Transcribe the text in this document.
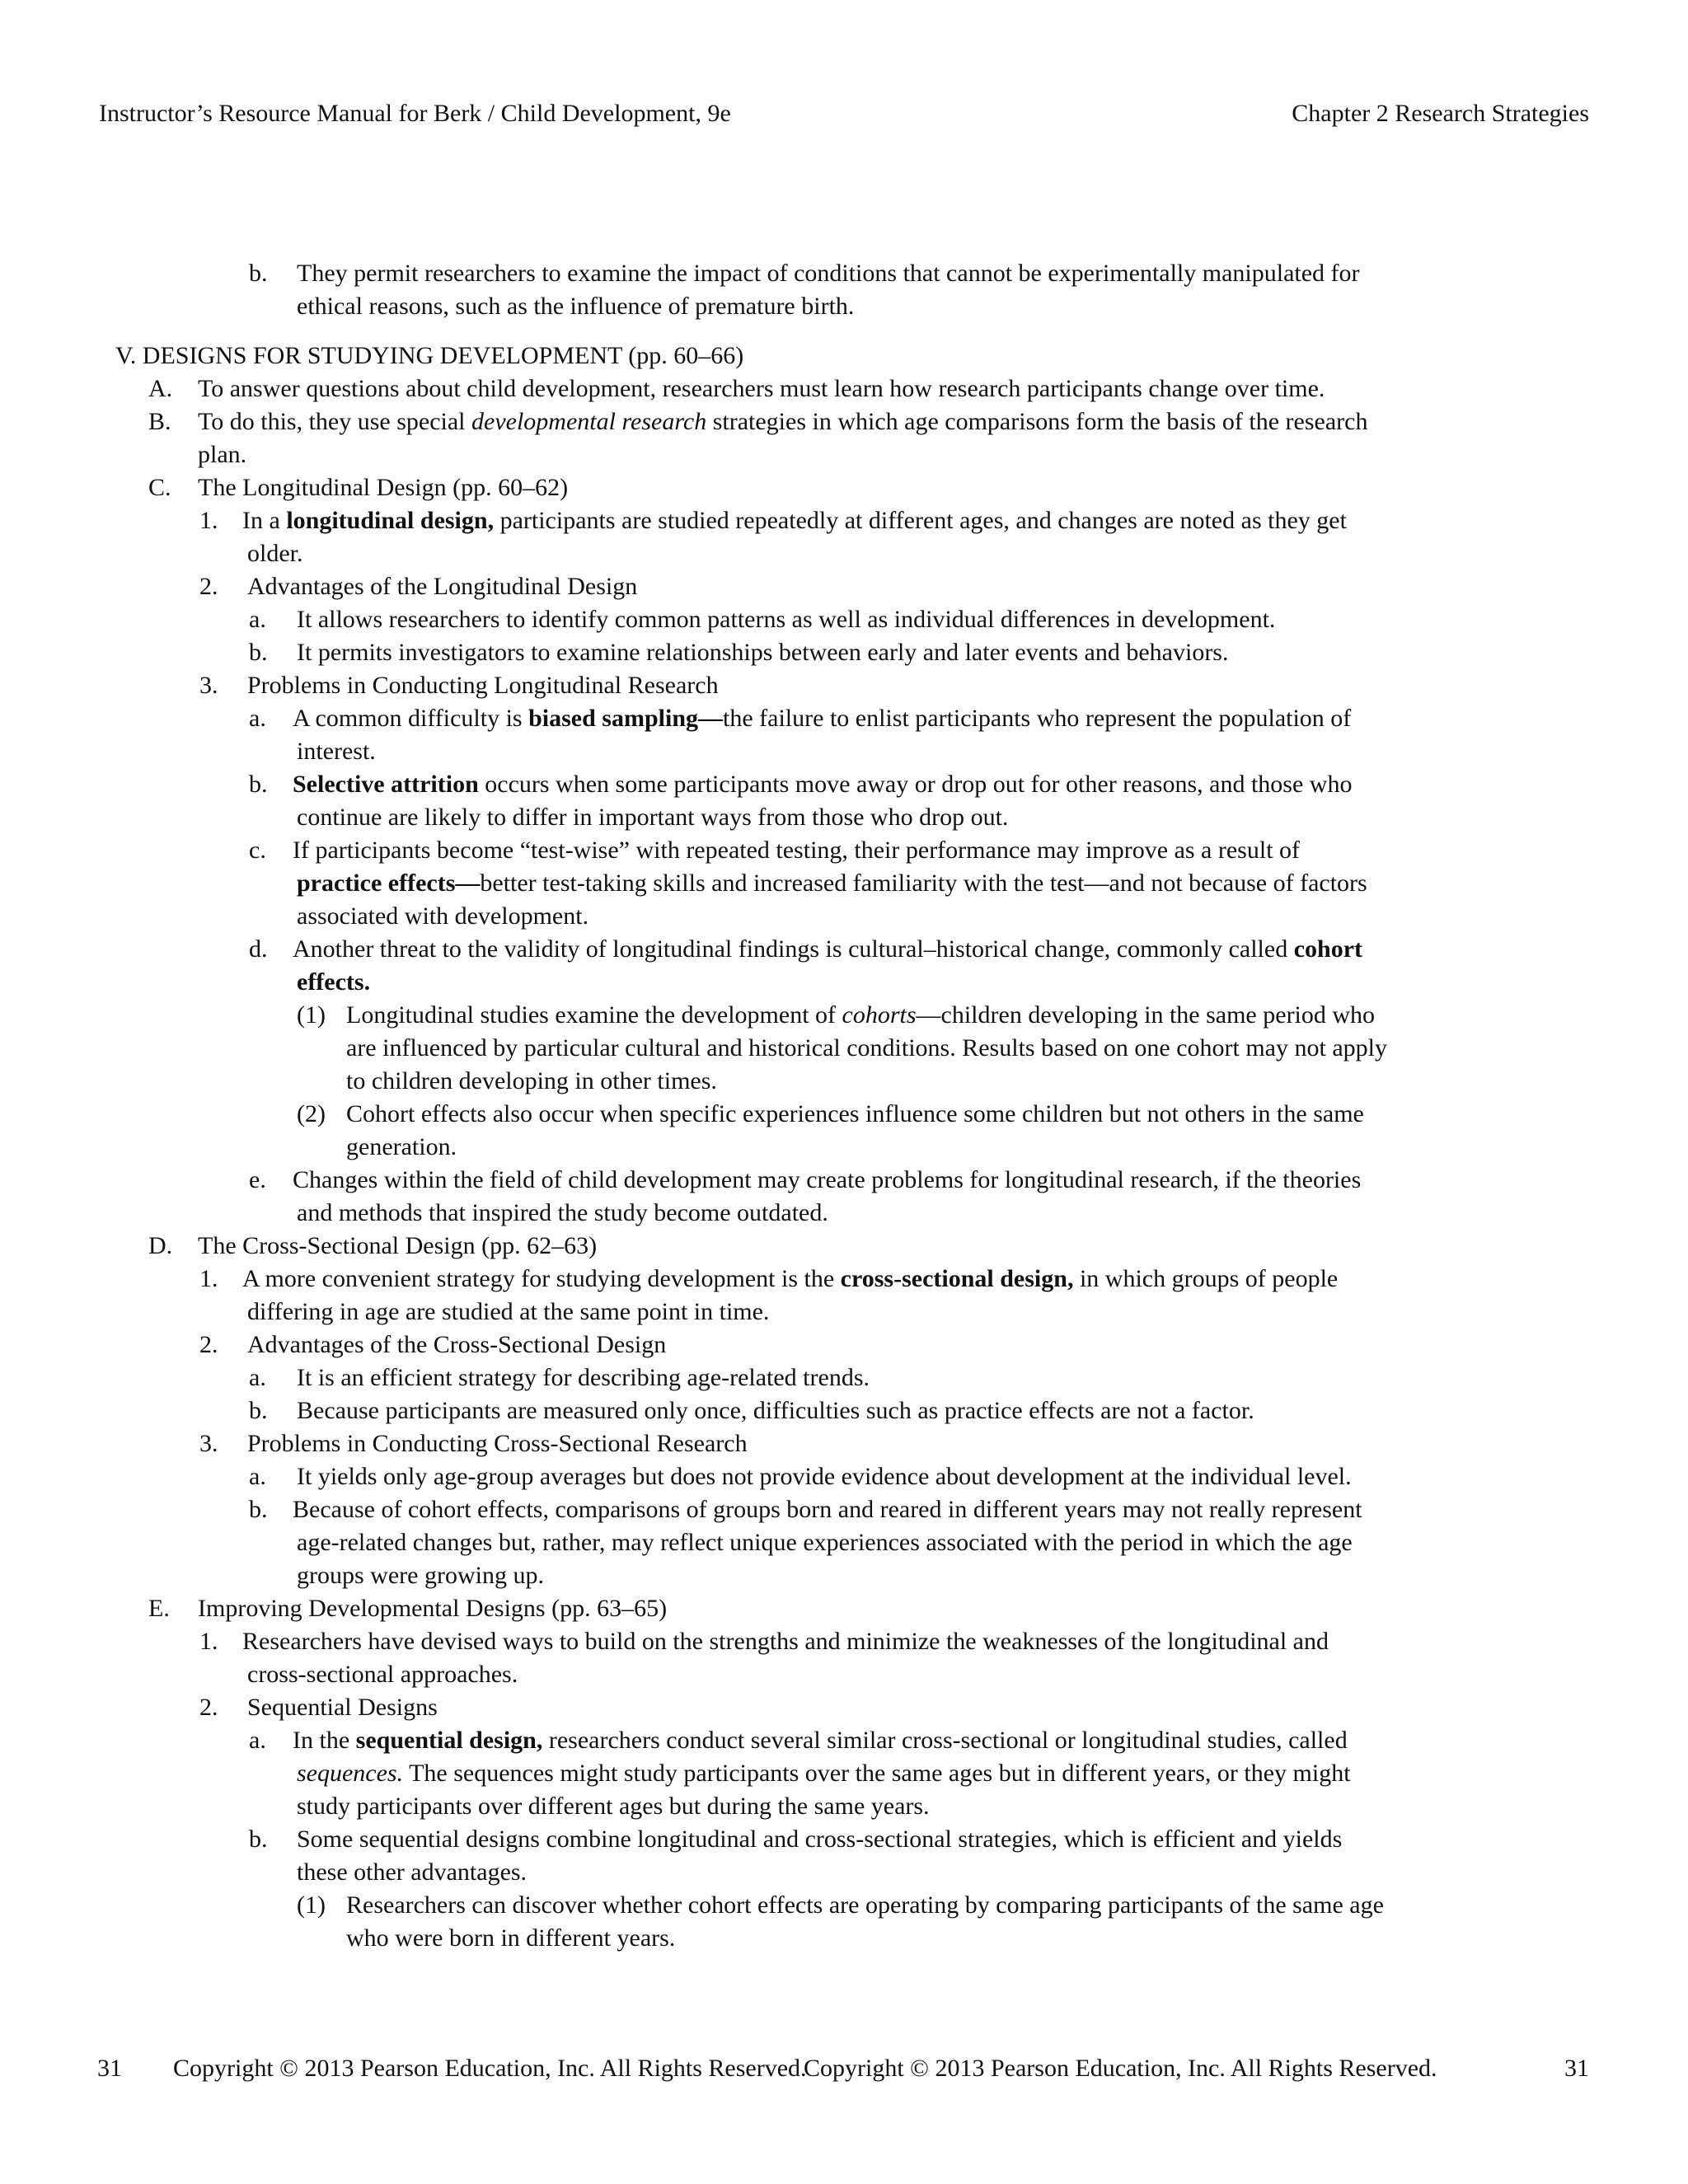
Instructor’s Resource Manual for Berk / Child Development, 9e	Chapter 2 Research Strategies
b. They permit researchers to examine the impact of conditions that cannot be experimentally manipulated for
ethical reasons, such as the influence of premature birth.
V. DESIGNS FOR STUDYING DEVELOPMENT (pp. 60–66)
A. To answer questions about child development, researchers must learn how research participants change over time.
B. To do this, they use special developmental research strategies in which age comparisons form the basis of the research
plan.
C. The Longitudinal Design (pp. 60–62)
1. In a longitudinal design, participants are studied repeatedly at different ages, and changes are noted as they get
older.
2. Advantages of the Longitudinal Design
a. It allows researchers to identify common patterns as well as individual differences in development.
b. It permits investigators to examine relationships between early and later events and behaviors.
3. Problems in Conducting Longitudinal Research
a. A common difficulty is biased sampling—the failure to enlist participants who represent the population of
interest.
b. Selective attrition occurs when some participants move away or drop out for other reasons, and those who
continue are likely to differ in important ways from those who drop out.
c. If participants become “test-wise” with repeated testing, their performance may improve as a result of
practice effects—better test-taking skills and increased familiarity with the test—and not because of factors
associated with development.
d. Another threat to the validity of longitudinal findings is cultural–historical change, commonly called cohort
effects.
(1) Longitudinal studies examine the development of cohorts—children developing in the same period who
are influenced by particular cultural and historical conditions. Results based on one cohort may not apply
to children developing in other times.
(2) Cohort effects also occur when specific experiences influence some children but not others in the same
generation.
e. Changes within the field of child development may create problems for longitudinal research, if the theories
and methods that inspired the study become outdated.
D. The Cross-Sectional Design (pp. 62–63)
1. A more convenient strategy for studying development is the cross-sectional design, in which groups of people
differing in age are studied at the same point in time.
2. Advantages of the Cross-Sectional Design
a. It is an efficient strategy for describing age-related trends.
b. Because participants are measured only once, difficulties such as practice effects are not a factor.
3. Problems in Conducting Cross-Sectional Research
a. It yields only age-group averages but does not provide evidence about development at the individual level.
b. Because of cohort effects, comparisons of groups born and reared in different years may not really represent
age-related changes but, rather, may reflect unique experiences associated with the period in which the age
groups were growing up.
E. Improving Developmental Designs (pp. 63–65)
1. Researchers have devised ways to build on the strengths and minimize the weaknesses of the longitudinal and
cross-sectional approaches.
2. Sequential Designs
a. In the sequential design, researchers conduct several similar cross-sectional or longitudinal studies, called
sequences. The sequences might study participants over the same ages but in different years, or they might
study participants over different ages but during the same years.
b. Some sequential designs combine longitudinal and cross-sectional strategies, which is efficient and yields
these other advantages.
(1) Researchers can discover whether cohort effects are operating by comparing participants of the same age
who were born in different years.
31 Copyright © 2013 Pearson Education, Inc. All Rights Reserved.
Copyright © 2013 Pearson Education, Inc. All Rights Reserved.	31
